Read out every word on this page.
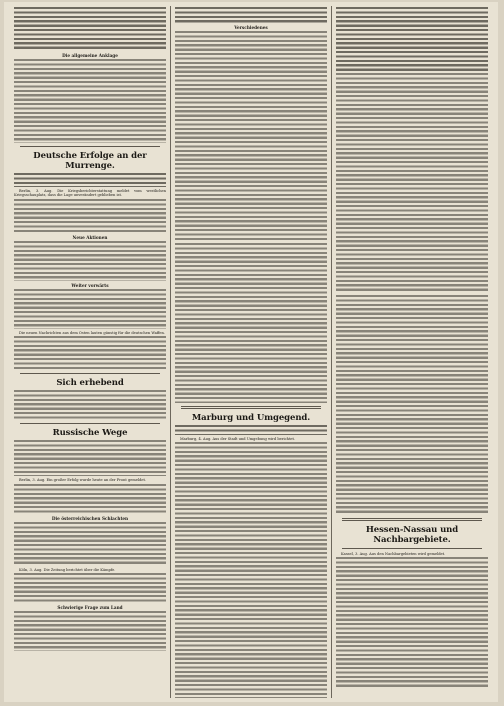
Die allgemeine Anklage
Deutsche Erfolge an der Murrenge.

Berlin, 3. Aug. Die Kriegsberichterstattung meldet vom westlichen Kriegsschauplatz, dass die Lage unverändert geblieben ist.

Neue Aktionen
Weiter vorwärts

Die neuen Nachrichten aus dem Osten lauten günstig für die deutschen Waffen.

Sich erhebend
Russische Wege

Berlin, 3. Aug. Ein großer Erfolg wurde heute an der Front gemeldet.

Die österreichischen Schlachten

Köln, 3. Aug. Die Zeitung berichtet über die Kämpfe.

Schwierige Frage zum Land
Verschiedenes
Marburg und Umgegend.

Marburg, 4. Aug. Aus der Stadt und Umgebung wird berichtet.

Hessen-Nassau und Nachbargebiete.

Kassel, 3. Aug. Aus den Nachbargebieten wird gemeldet.
